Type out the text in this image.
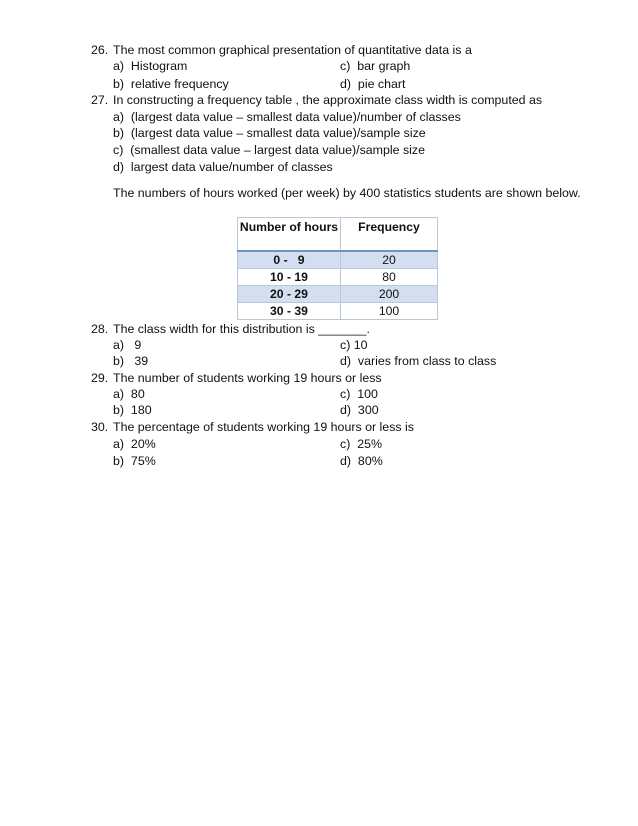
26. The most common graphical presentation of quantitative data is a
a) Histogram	c) bar graph
b) relative frequency	d) pie chart
27. In constructing a frequency table , the approximate class width is computed as
a) (largest data value – smallest data value)/number of classes
b) (largest data value – smallest data value)/sample size
c) (smallest data value – largest data value)/sample size
d) largest data value/number of classes
The numbers of hours worked (per week) by 400 statistics students are shown below.
Number of hours	Frequency
0 -   9	20
10 - 19	80
20 - 29	200
30 - 39	100
28. The class width for this distribution is _______.
a) 9	c) 10
b) 39	d) varies from class to class
29. The number of students working 19 hours or less
a) 80	c) 100
b) 180	d) 300
30. The percentage of students working 19 hours or less is
a) 20%	c) 25%
b) 75%	d) 80%
